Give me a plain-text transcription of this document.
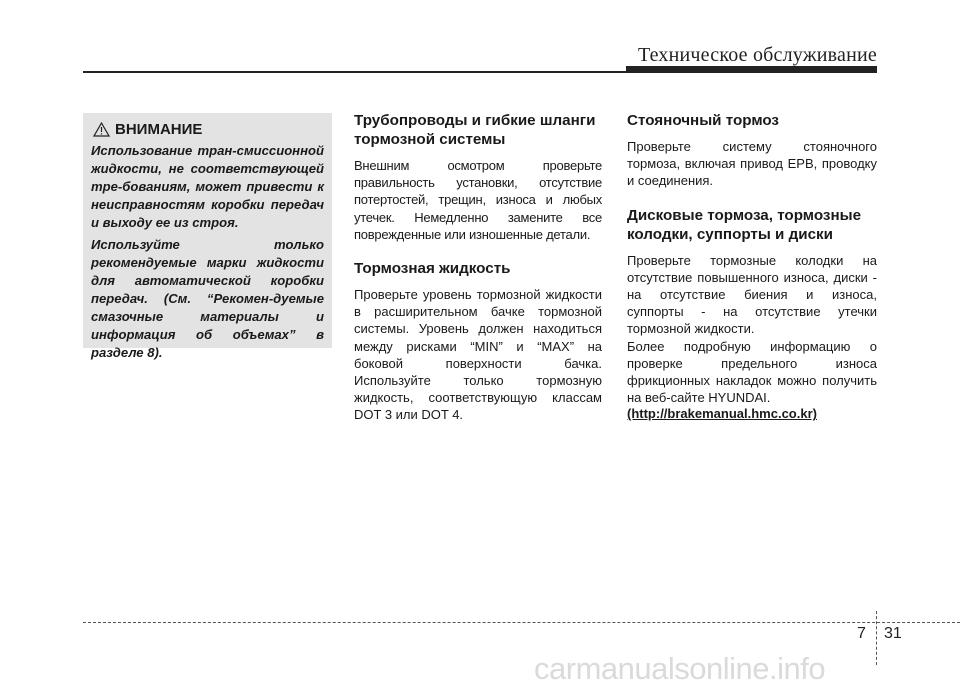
Техническое обслуживание
ВНИМАНИЕ

Использование тран-смиссионной жидкости, не соответствующей тре-бованиям, может привести к неисправностям коробки передач и выходу ее из строя.

Используйте только рекомендуемые марки жидкости для автоматической коробки передач. (См. “Рекомен-дуемые смазочные материалы и информация об объемах” в разделе 8).

Трубопроводы и гибкие шланги тормозной системы

Внешним осмотром проверьте правильность установки, отсутствие потертостей, трещин, износа и любых утечек. Немедленно замените все поврежденные или изношенные детали.

Тормозная жидкость

Проверьте уровень тормозной жидкости в расширительном бачке тормозной системы. Уровень должен находиться между рисками “MIN” и “MAX” на боковой поверхности бачка. Используйте только тормозную жидкость, соответствующую классам DOT 3 или DOT 4.

Стояночный тормоз

Проверьте систему стояночного тормоза, включая привод EPB, проводку и соединения.

Дисковые тормоза, тормозные колодки, суппорты и диски

Проверьте тормозные колодки на отсутствие повышенного износа, диски - на отсутствие биения и износа, суппорты - на отсутствие утечки тормозной жидкости.

Более подробную информацию о проверке предельного износа фрикционных накладок можно получить на веб-сайте HYUNDAI.

(http://brakemanual.hmc.co.kr)
7 31
carmanualsonline.info
